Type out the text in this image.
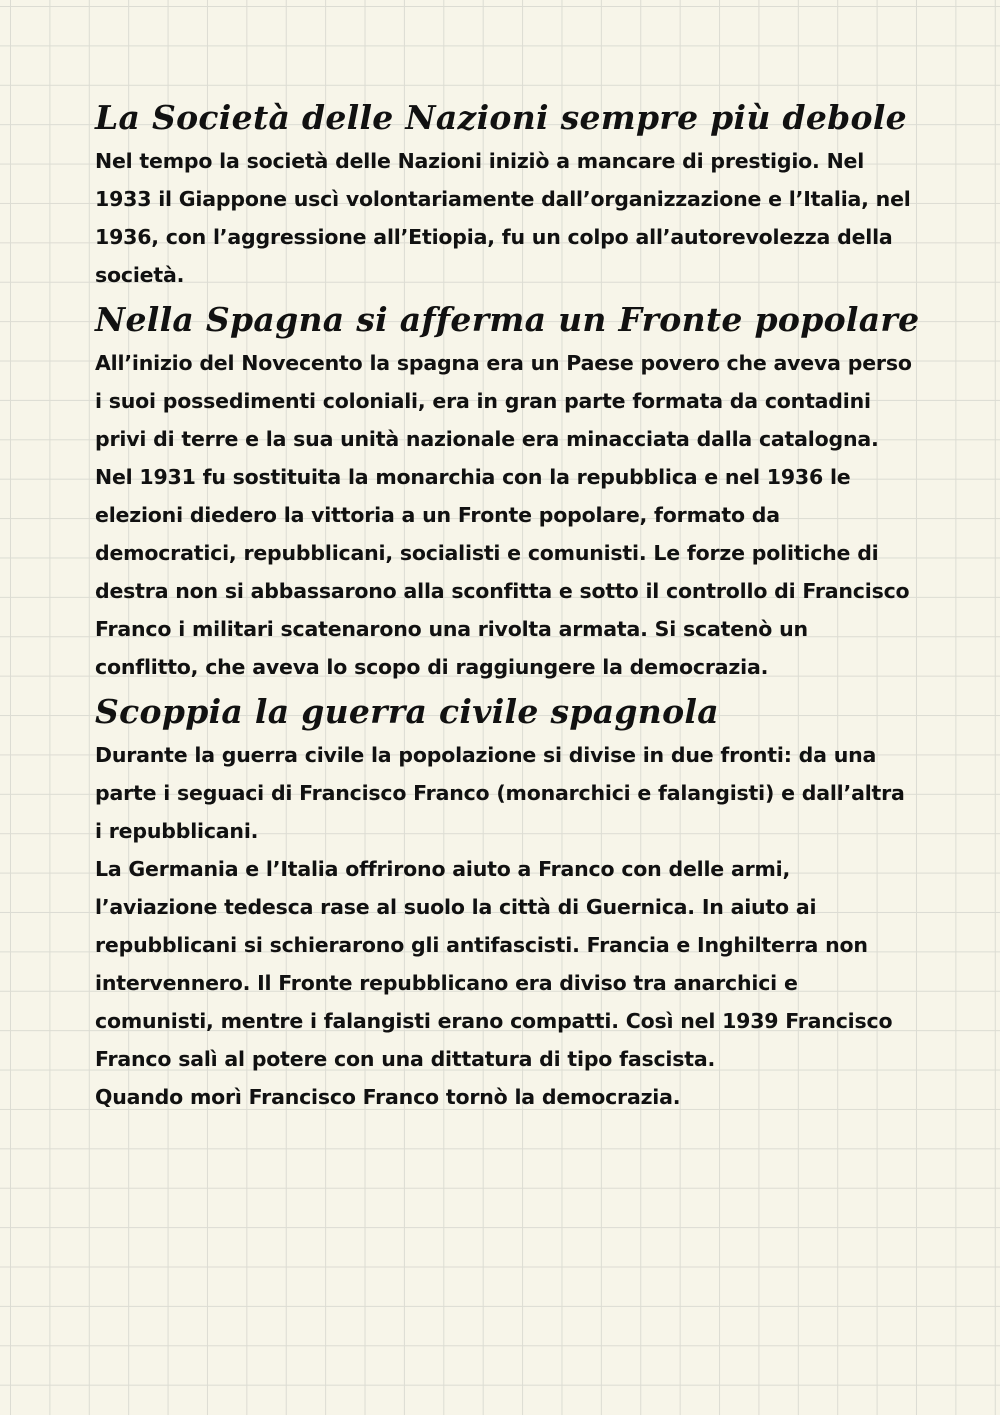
La Società delle Nazioni sempre più debole

Nel tempo la società delle Nazioni iniziò a mancare di prestigio. Nel 1933 il Giappone uscì volontariamente dall’organizzazione e l’Italia, nel 1936, con l’aggressione all’Etiopia, fu un colpo all’autorevolezza della società.

Nella Spagna si afferma un Fronte popolare

All’inizio del Novecento la spagna era un Paese povero che aveva perso i suoi possedimenti coloniali, era in gran parte formata da contadini privi di terre e la sua unità nazionale era minacciata dalla catalogna.

Nel 1931 fu sostituita la monarchia con la repubblica e nel 1936 le elezioni diedero la vittoria a un Fronte popolare, formato da democratici, repubblicani, socialisti e comunisti. Le forze politiche di destra non si abbassarono alla sconfitta e sotto il controllo di Francisco Franco i militari scatenarono una rivolta armata. Si scatenò un conflitto, che aveva lo scopo di raggiungere la democrazia.

Scoppia la guerra civile spagnola

Durante la guerra civile la popolazione si divise in due fronti: da una parte i seguaci di Francisco Franco (monarchici e falangisti) e dall’altra i repubblicani.

La Germania e l’Italia offrirono aiuto a Franco con delle armi, l’aviazione tedesca rase al suolo la città di Guernica. In aiuto ai repubblicani si schierarono gli antifascisti. Francia e Inghilterra non intervennero. Il Fronte repubblicano era diviso tra anarchici e comunisti, mentre i falangisti erano compatti. Così nel 1939 Francisco Franco salì al potere con una dittatura di tipo fascista.

Quando morì Francisco Franco tornò la democrazia.
